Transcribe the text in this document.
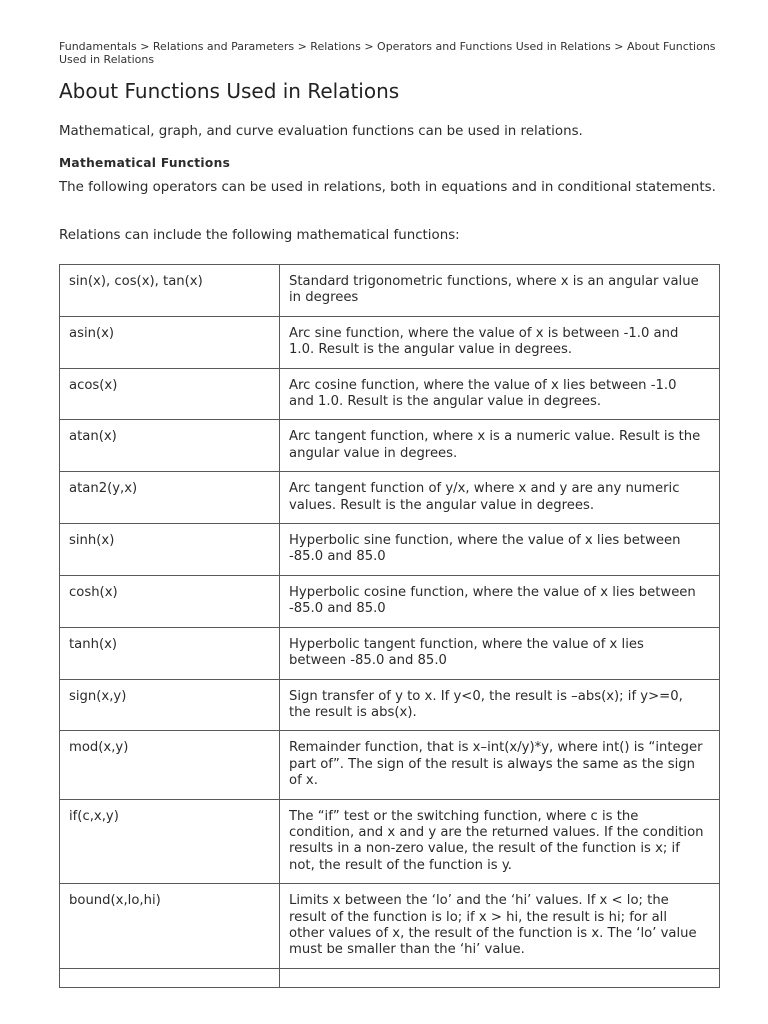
Fundamentals > Relations and Parameters > Relations > Operators and Functions Used in Relations > About Functions Used in Relations
About Functions Used in Relations

Mathematical, graph, and curve evaluation functions can be used in relations.

Mathematical Functions

The following operators can be used in relations, both in equations and in conditional statements.

Relations can include the following mathematical functions:

sin(x), cos(x), tan(x)	Standard trigonometric functions, where x is an angular value in degrees
asin(x)	Arc sine function, where the value of x is between -1.0 and 1.0. Result is the angular value in degrees.
acos(x)	Arc cosine function, where the value of x lies between -1.0 and 1.0. Result is the angular value in degrees.
atan(x)	Arc tangent function, where x is a numeric value. Result is the angular value in degrees.
atan2(y,x)	Arc tangent function of y/x, where x and y are any numeric values. Result is the angular value in degrees.
sinh(x)	Hyperbolic sine function, where the value of x lies between -85.0 and 85.0
cosh(x)	Hyperbolic cosine function, where the value of x lies between -85.0 and 85.0
tanh(x)	Hyperbolic tangent function, where the value of x lies between -85.0 and 85.0
sign(x,y)	Sign transfer of y to x. If y<0, the result is –abs(x); if y>=0, the result is abs(x).
mod(x,y)	Remainder function, that is x–int(x/y)*y, where int() is “integer part of”. The sign of the result is always the same as the sign of x.
if(c,x,y)	The “if” test or the switching function, where c is the condition, and x and y are the returned values. If the condition results in a non-zero value, the result of the function is x; if not, the result of the function is y.
bound(x,lo,hi)	Limits x between the ‘lo’ and the ‘hi’ values. If x < lo; the result of the function is lo; if x > hi, the result is hi; for all other values of x, the result of the function is x. The ‘lo’ value must be smaller than the ‘hi’ value.
